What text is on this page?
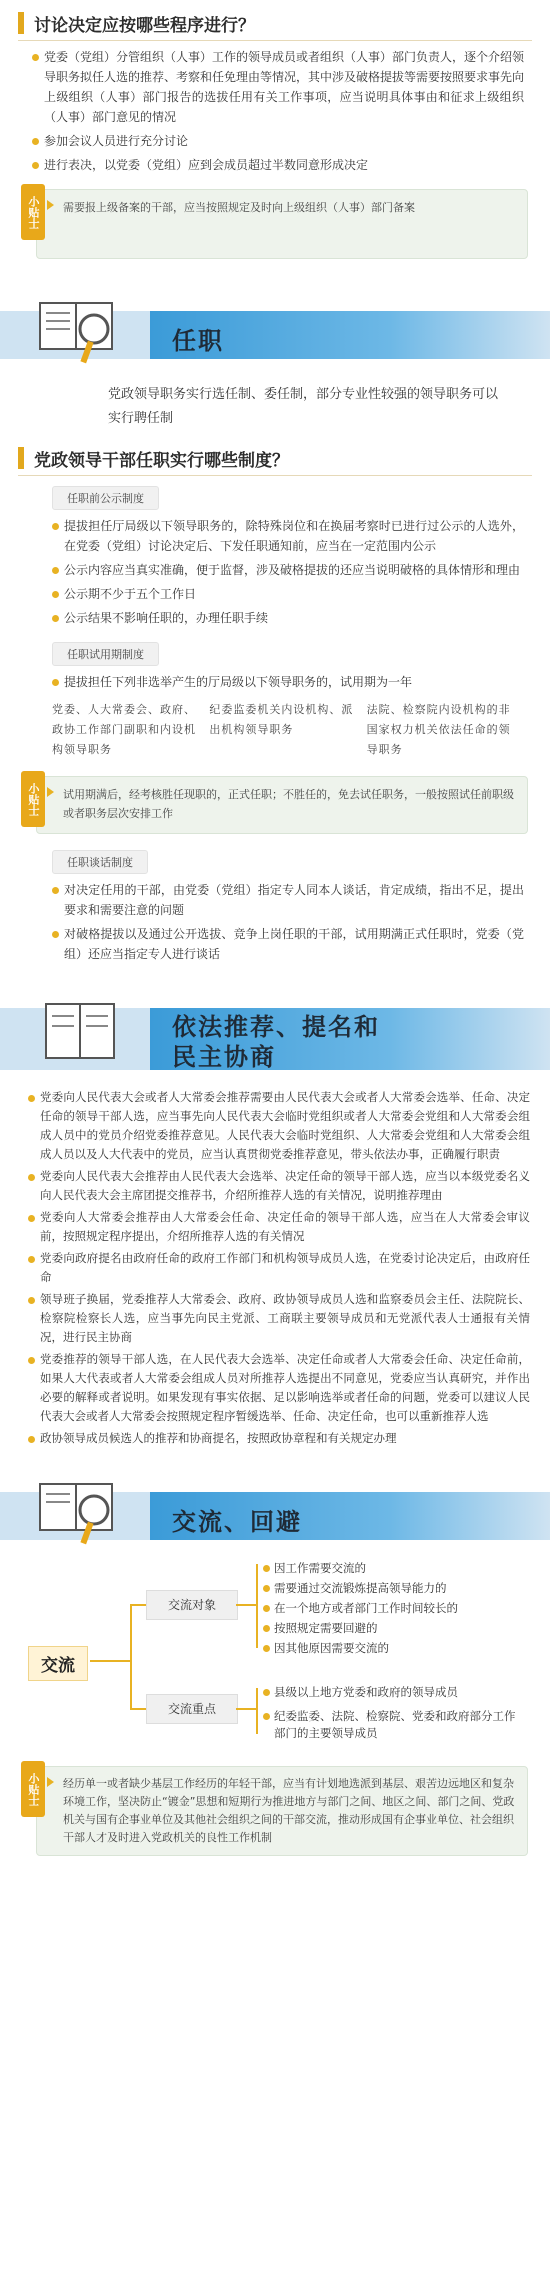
讨论决定应按哪些程序进行？
党委（党组）分管组织（人事）工作的领导成员或者组织（人事）部门负责人，逐个介绍领导职务拟任人选的推荐、考察和任免理由等情况，其中涉及破格提拔等需要按照要求事先向上级组织（人事）部门报告的选拔任用有关工作事项，应当说明具体事由和征求上级组织（人事）部门意见的情况
参加会议人员进行充分讨论
进行表决，以党委（党组）应到会成员超过半数同意形成决定
小贴士	需要报上级备案的干部，应当按照规定及时向上级组织（人事）部门备案
任职
党政领导职务实行选任制、委任制，部分专业性较强的领导职务可以实行聘任制
党政领导干部任职实行哪些制度？
任职前公示制度
提拔担任厅局级以下领导职务的，除特殊岗位和在换届考察时已进行过公示的人选外，在党委（党组）讨论决定后、下发任职通知前，应当在一定范围内公示
公示内容应当真实准确，便于监督，涉及破格提拔的还应当说明破格的具体情形和理由
公示期不少于五个工作日
公示结果不影响任职的，办理任职手续
任职试用期制度
提拔担任下列非选举产生的厅局级以下领导职务的，试用期为一年
党委、人大常委会、政府、政协工作部门副职和内设机构领导职务
纪委监委机关内设机构、派出机构领导职务
法院、检察院内设机构的非国家权力机关依法任命的领导职务
小贴士	试用期满后，经考核胜任现职的，正式任职；不胜任的，免去试任职务，一般按照试任前职级或者职务层次安排工作
任职谈话制度
对决定任用的干部，由党委（党组）指定专人同本人谈话，肯定成绩，指出不足，提出要求和需要注意的问题
对破格提拔以及通过公开选拔、竞争上岗任职的干部，试用期满正式任职时，党委（党组）还应当指定专人进行谈话
依法推荐、提名和
民主协商
党委向人民代表大会或者人大常委会推荐需要由人民代表大会或者人大常委会选举、任命、决定任命的领导干部人选，应当事先向人民代表大会临时党组织或者人大常委会党组和人大常委会组成人员中的党员介绍党委推荐意见。人民代表大会临时党组织、人大常委会党组和人大常委会组成人员以及人大代表中的党员，应当认真贯彻党委推荐意见，带头依法办事，正确履行职责
党委向人民代表大会推荐由人民代表大会选举、决定任命的领导干部人选，应当以本级党委名义向人民代表大会主席团提交推荐书，介绍所推荐人选的有关情况，说明推荐理由
党委向人大常委会推荐由人大常委会任命、决定任命的领导干部人选，应当在人大常委会审议前，按照规定程序提出，介绍所推荐人选的有关情况
党委向政府提名由政府任命的政府工作部门和机构领导成员人选，在党委讨论决定后，由政府任命
领导班子换届，党委推荐人大常委会、政府、政协领导成员人选和监察委员会主任、法院院长、检察院检察长人选，应当事先向民主党派、工商联主要领导成员和无党派代表人士通报有关情况，进行民主协商
党委推荐的领导干部人选，在人民代表大会选举、决定任命或者人大常委会任命、决定任命前，如果人大代表或者人大常委会组成人员对所推荐人选提出不同意见，党委应当认真研究，并作出必要的解释或者说明。如果发现有事实依据、足以影响选举或者任命的问题，党委可以建议人民代表大会或者人大常委会按照规定程序暂缓选举、任命、决定任命，也可以重新推荐人选
政协领导成员候选人的推荐和协商提名，按照政协章程和有关规定办理
交流、回避
交流
交流对象
交流重点
因工作需要交流的
需要通过交流锻炼提高领导能力的
在一个地方或者部门工作时间较长的
按照规定需要回避的
因其他原因需要交流的
县级以上地方党委和政府的领导成员
纪委监委、法院、检察院、党委和政府部分工作部门的主要领导成员
小贴士	经历单一或者缺少基层工作经历的年轻干部，应当有计划地选派到基层、艰苦边远地区和复杂环境工作，坚决防止“镀金”思想和短期行为推进地方与部门之间、地区之间、部门之间、党政机关与国有企事业单位及其他社会组织之间的干部交流，推动形成国有企事业单位、社会组织干部人才及时进入党政机关的良性工作机制
